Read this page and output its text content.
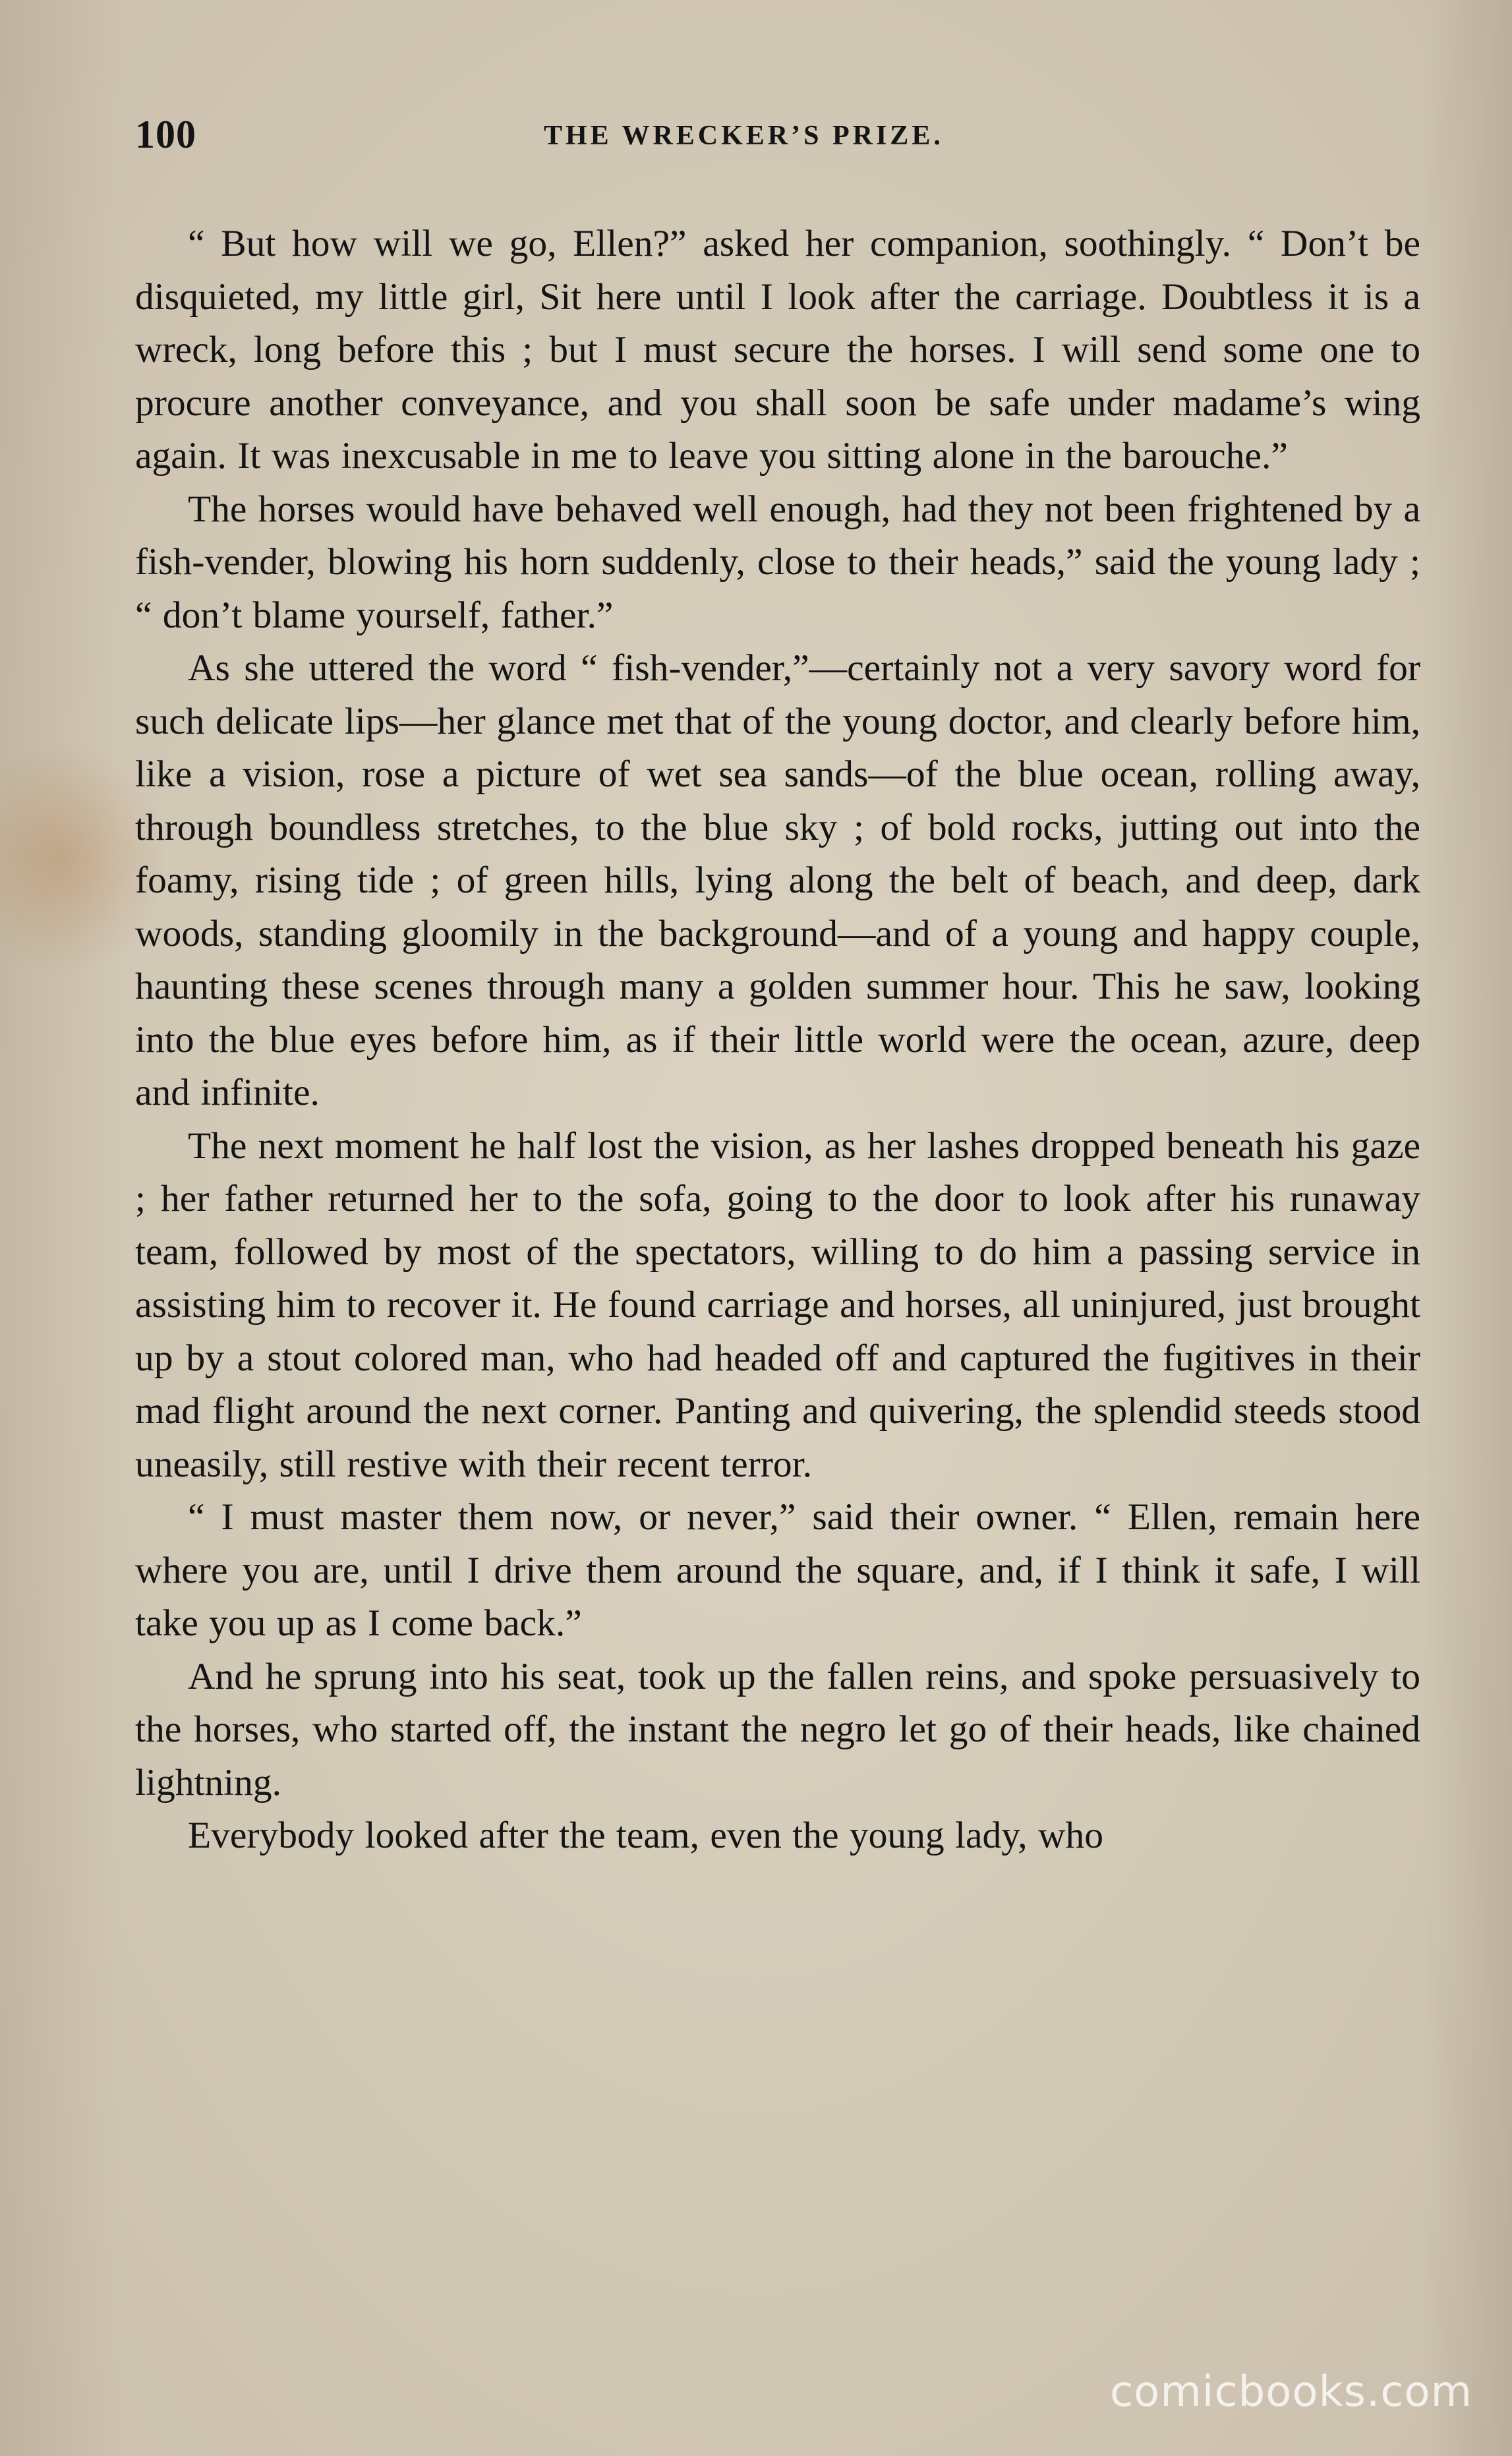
100	THE WRECKER’S PRIZE.

“ But how will we go, Ellen?” asked her companion, soothingly. “ Don’t be disquieted, my little girl, Sit here until I look after the carriage. Doubtless it is a wreck, long before this ; but I must secure the horses. I will send some one to procure another conveyance, and you shall soon be safe under madame’s wing again. It was inexcusable in me to leave you sitting alone in the barouche.”

The horses would have behaved well enough, had they not been frightened by a fish-vender, blowing his horn suddenly, close to their heads,” said the young lady ; “ don’t blame yourself, father.”

As she uttered the word “ fish-vender,”—certainly not a very savory word for such delicate lips—her glance met that of the young doctor, and clearly before him, like a vision, rose a picture of wet sea sands—of the blue ocean, rolling away, through boundless stretches, to the blue sky ; of bold rocks, jutting out into the foamy, rising tide ; of green hills, lying along the belt of beach, and deep, dark woods, standing gloomily in the background—and of a young and happy couple, haunting these scenes through many a golden summer hour. This he saw, looking into the blue eyes before him, as if their little world were the ocean, azure, deep and infinite.

The next moment he half lost the vision, as her lashes dropped beneath his gaze ; her father returned her to the sofa, going to the door to look after his runaway team, followed by most of the spectators, willing to do him a passing service in assisting him to recover it. He found carriage and horses, all uninjured, just brought up by a stout colored man, who had headed off and captured the fugitives in their mad flight around the next corner. Panting and quivering, the splendid steeds stood uneasily, still restive with their recent terror.

“ I must master them now, or never,” said their owner. “ Ellen, remain here where you are, until I drive them around the square, and, if I think it safe, I will take you up as I come back.”

And he sprung into his seat, took up the fallen reins, and spoke persuasively to the horses, who started off, the instant the negro let go of their heads, like chained lightning.

Everybody looked after the team, even the young lady, who

comicbooks.com
